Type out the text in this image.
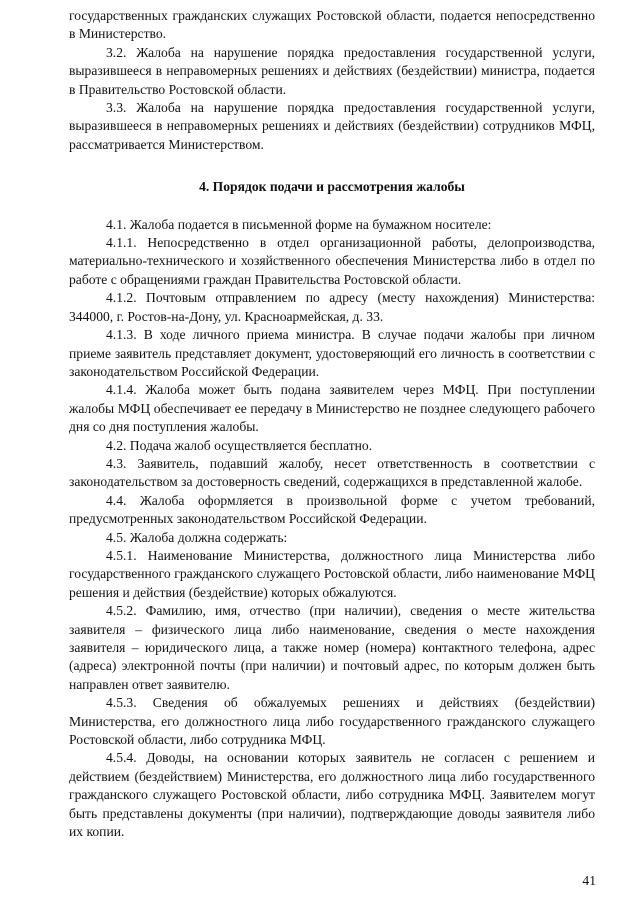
государственных гражданских служащих Ростовской области, подается непосредственно в Министерство.

3.2. Жалоба на нарушение порядка предоставления государственной услуги, выразившееся в неправомерных решениях и действиях (бездействии) министра, подается в Правительство Ростовской области.

3.3. Жалоба на нарушение порядка предоставления государственной услуги, выразившееся в неправомерных решениях и действиях (бездействии) сотрудников МФЦ, рассматривается Министерством.

4. Порядок подачи и рассмотрения жалобы

4.1. Жалоба подается в письменной форме на бумажном носителе:

4.1.1. Непосредственно в отдел организационной работы, делопроизводства, материально-технического и хозяйственного обеспечения Министерства либо в отдел по работе с обращениями граждан Правительства Ростовской области.

4.1.2. Почтовым отправлением по адресу (месту нахождения) Министерства: 344000, г. Ростов-на-Дону, ул. Красноармейская, д. 33.

4.1.3. В ходе личного приема министра. В случае подачи жалобы при личном приеме заявитель представляет документ, удостоверяющий его личность в соответствии с законодательством Российской Федерации.

4.1.4. Жалоба может быть подана заявителем через МФЦ. При поступлении жалобы МФЦ обеспечивает ее передачу в Министерство не позднее следующего рабочего дня со дня поступления жалобы.

4.2. Подача жалоб осуществляется бесплатно.

4.3. Заявитель, подавший жалобу, несет ответственность в соответствии с законодательством за достоверность сведений, содержащихся в представленной жалобе.

4.4. Жалоба оформляется в произвольной форме с учетом требований, предусмотренных законодательством Российской Федерации.

4.5. Жалоба должна содержать:

4.5.1. Наименование Министерства, должностного лица Министерства либо государственного гражданского служащего Ростовской области, либо наименование МФЦ решения и действия (бездействие) которых обжалуются.

4.5.2. Фамилию, имя, отчество (при наличии), сведения о месте жительства заявителя – физического лица либо наименование, сведения о месте нахождения заявителя – юридического лица, а также номер (номера) контактного телефона, адрес (адреса) электронной почты (при наличии) и почтовый адрес, по которым должен быть направлен ответ заявителю.

4.5.3. Сведения об обжалуемых решениях и действиях (бездействии) Министерства, его должностного лица либо государственного гражданского служащего Ростовской области, либо сотрудника МФЦ.

4.5.4. Доводы, на основании которых заявитель не согласен с решением и действием (бездействием) Министерства, его должностного лица либо государственного гражданского служащего Ростовской области, либо сотрудника МФЦ. Заявителем могут быть представлены документы (при наличии), подтверждающие доводы заявителя либо их копии.

41
